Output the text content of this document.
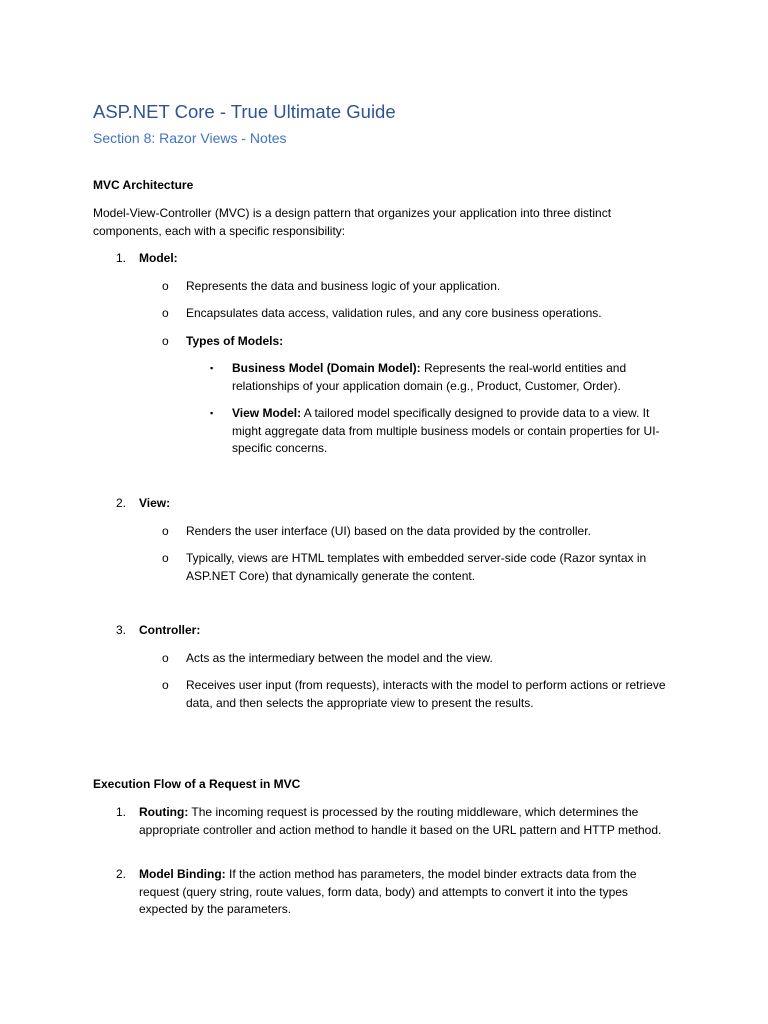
ASP.NET Core - True Ultimate Guide
Section 8: Razor Views - Notes
MVC Architecture

Model-View-Controller (MVC) is a design pattern that organizes your application into three distinct components, each with a specific responsibility:

1. Model:
o Represents the data and business logic of your application.
o Encapsulates data access, validation rules, and any core business operations.
o Types of Models:
▪ Business Model (Domain Model): Represents the real-world entities and relationships of your application domain (e.g., Product, Customer, Order).
▪ View Model: A tailored model specifically designed to provide data to a view. It might aggregate data from multiple business models or contain properties for UI-specific concerns.
2. View:
o Renders the user interface (UI) based on the data provided by the controller.
o Typically, views are HTML templates with embedded server-side code (Razor syntax in ASP.NET Core) that dynamically generate the content.
3. Controller:
o Acts as the intermediary between the model and the view.
o Receives user input (from requests), interacts with the model to perform actions or retrieve data, and then selects the appropriate view to present the results.
Execution Flow of a Request in MVC
1. Routing: The incoming request is processed by the routing middleware, which determines the appropriate controller and action method to handle it based on the URL pattern and HTTP method.
2. Model Binding: If the action method has parameters, the model binder extracts data from the request (query string, route values, form data, body) and attempts to convert it into the types expected by the parameters.
